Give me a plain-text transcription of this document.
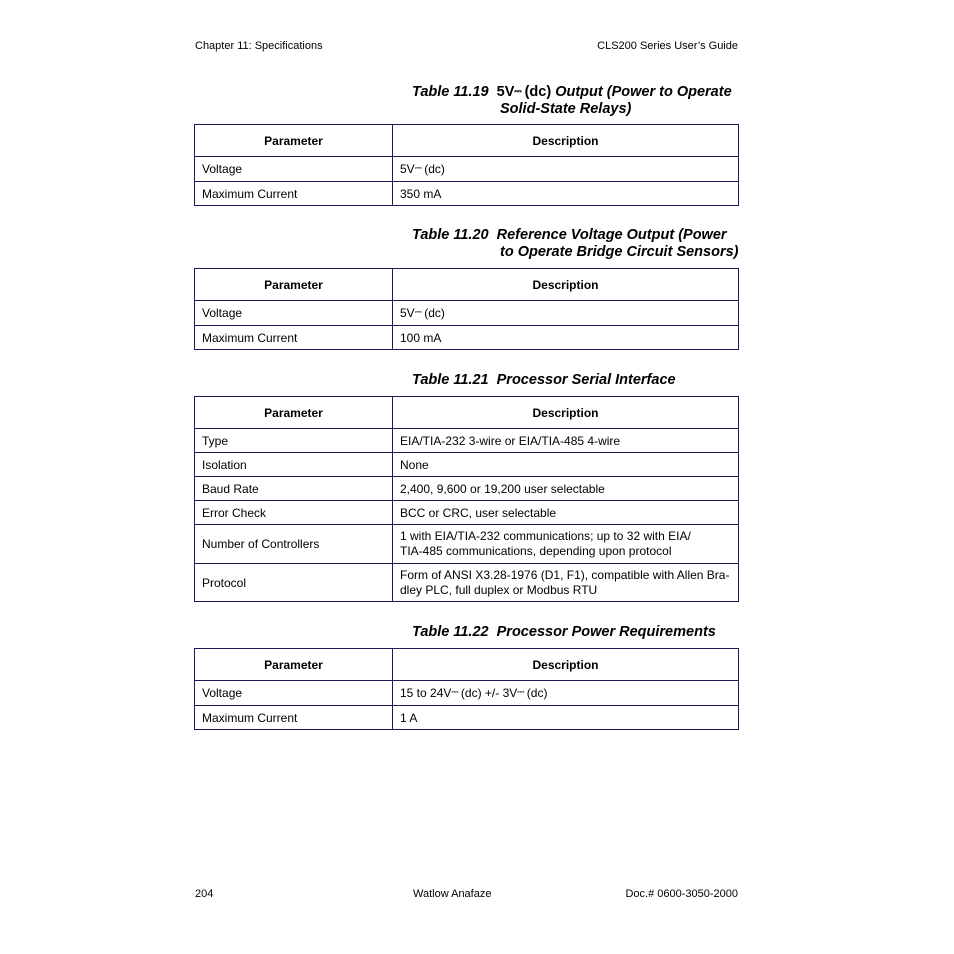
Chapter 11: Specifications	CLS200 Series User’s Guide
Table 11.19 5V⎓ (dc) Output (Power to Operate
Solid-State Relays)
Parameter	Description
Voltage	5V⎓ (dc)
Maximum Current	350 mA
Table 11.20 Reference Voltage Output (Power
to Operate Bridge Circuit Sensors)
Parameter	Description
Voltage	5V⎓ (dc)
Maximum Current	100 mA
Table 11.21 Processor Serial Interface
Parameter	Description
Type	EIA/TIA-232 3-wire or EIA/TIA-485 4-wire
Isolation	None
Baud Rate	2,400, 9,600 or 19,200 user selectable
Error Check	BCC or CRC, user selectable
Number of Controllers	1 with EIA/TIA-232 communications; up to 32 with EIA/
TIA-485 communications, depending upon protocol

Protocol	Form of ANSI X3.28-1976 (D1, F1), compatible with Allen Bra-
dley PLC, full duplex or Modbus RTU
Table 11.22 Processor Power Requirements
Parameter	Description
Voltage	15 to 24V⎓ (dc) +/- 3V⎓ (dc)
Maximum Current	1 A
204	Watlow Anafaze	Doc.# 0600-3050-2000
